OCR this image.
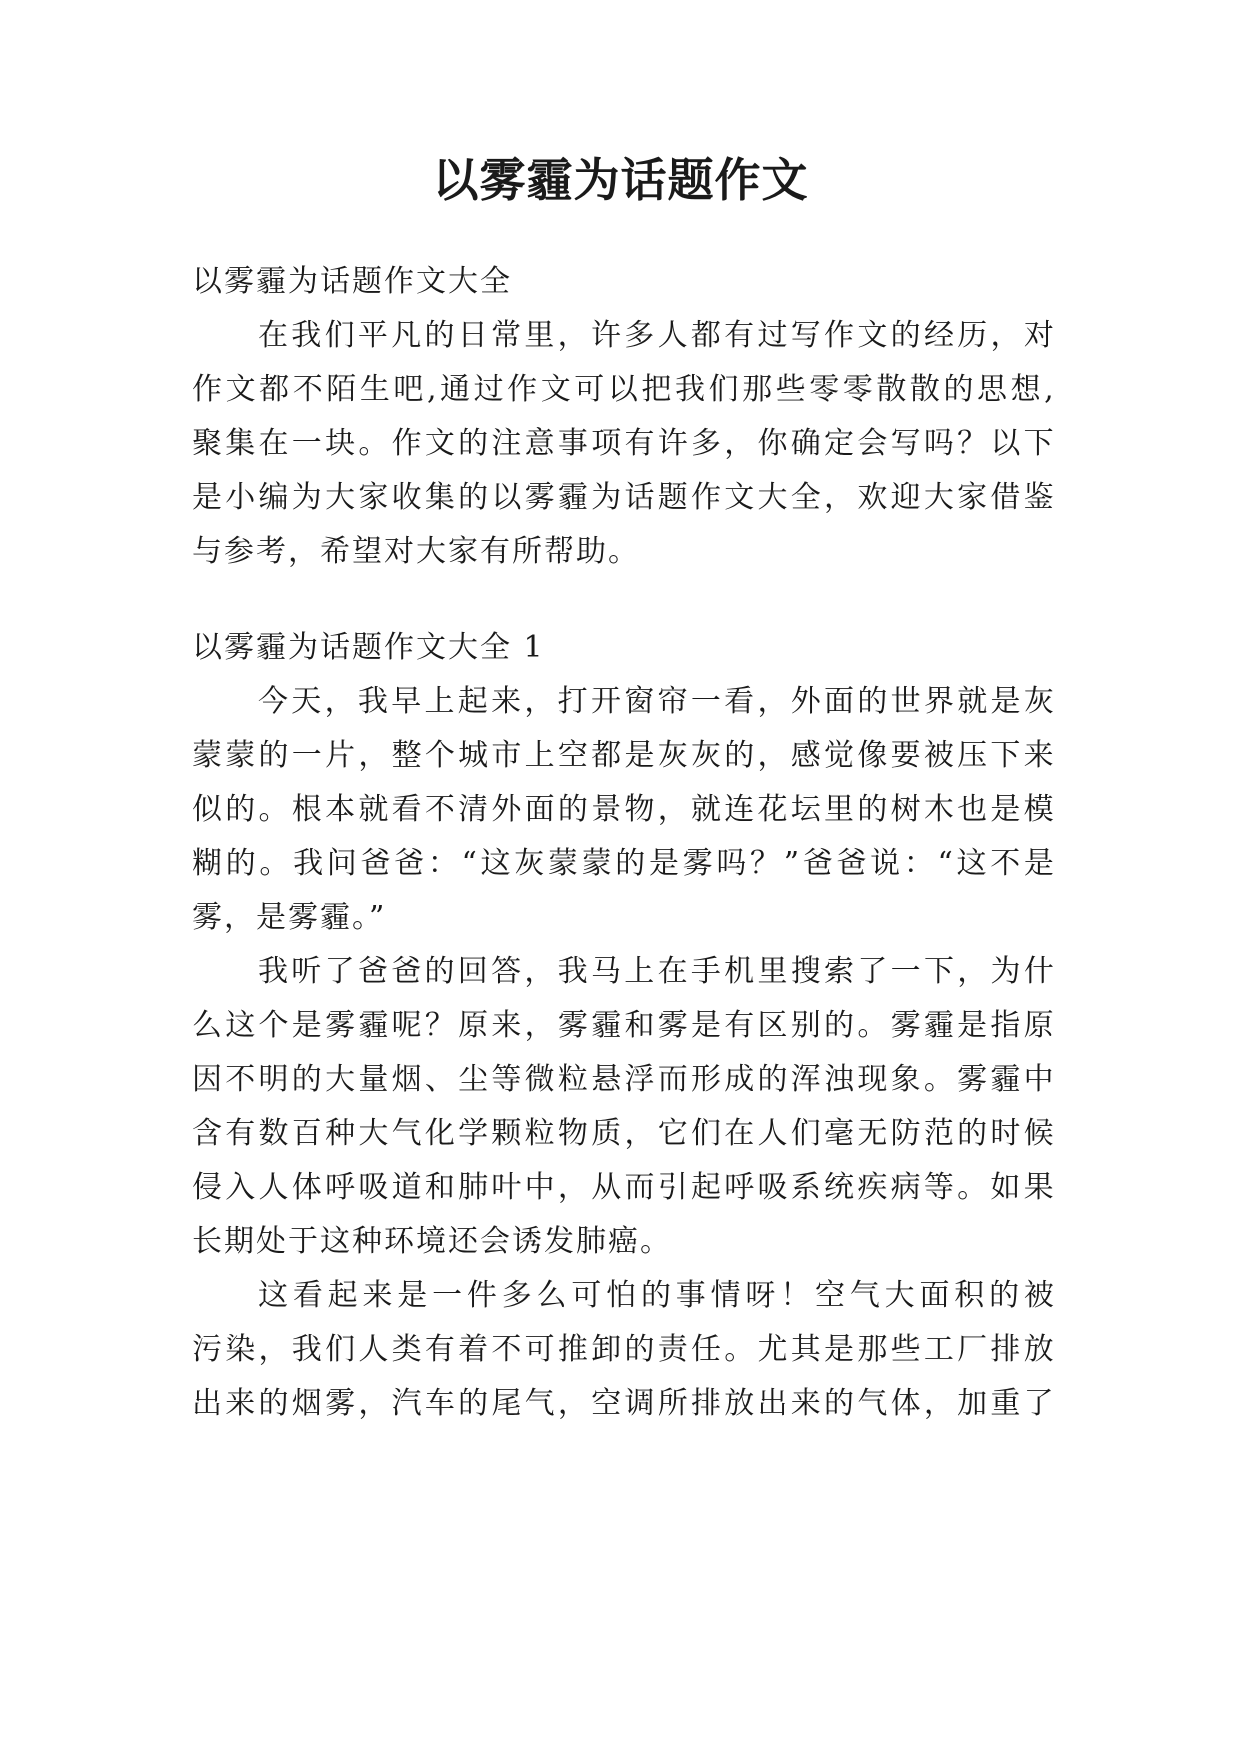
以雾霾为话题作文
以雾霾为话题作文大全
在 我 们 平 凡 的 日 常 里 ， 许 多 人 都 有 过 写 作 文 的 经 历 ， 对
作 文 都 不 陌 生 吧 , 通 过 作 文 可 以 把 我 们 那 些 零 零 散 散 的 思 想 ,
聚 集 在 一 块 。 作 文 的 注 意 事 项 有 许 多 ， 你 确 定 会 写 吗 ？ 以 下
是 小 编 为 大 家 收 集 的 以 雾 霾 为 话 题 作 文 大 全 ， 欢 迎 大 家 借 鉴
与参考，希望对大家有所帮助。
以雾霾为话题作文大全 1
今 天 ， 我 早 上 起 来 ， 打 开 窗 帘 一 看 ， 外 面 的 世 界 就 是 灰
蒙 蒙 的 一 片 ， 整 个 城 市 上 空 都 是 灰 灰 的 ， 感 觉 像 要 被 压 下 来
似 的 。 根 本 就 看 不 清 外 面 的 景 物 ， 就 连 花 坛 里 的 树 木 也 是 模
糊 的 。 我 问 爸 爸 ： “ 这 灰 蒙 蒙 的 是 雾 吗 ？ ” 爸 爸 说 ： “ 这 不 是
雾，是雾霾。”
我 听 了 爸 爸 的 回 答 ， 我 马 上 在 手 机 里 搜 索 了 一 下 ， 为 什
么 这 个 是 雾 霾 呢 ？ 原 来 ， 雾 霾 和 雾 是 有 区 别 的 。 雾 霾 是 指 原
因 不 明 的 大 量 烟 、 尘 等 微 粒 悬 浮 而 形 成 的 浑 浊 现 象 。 雾 霾 中
含 有 数 百 种 大 气 化 学 颗 粒 物 质 ， 它 们 在 人 们 毫 无 防 范 的 时 候
侵 入 人 体 呼 吸 道 和 肺 叶 中 ， 从 而 引 起 呼 吸 系 统 疾 病 等 。 如 果
长期处于这种环境还会诱发肺癌。
这 看 起 来 是 一 件 多 么 可 怕 的 事 情 呀 ！ 空 气 大 面 积 的 被
污 染 ， 我 们 人 类 有 着 不 可 推 卸 的 责 任 。 尤 其 是 那 些 工 厂 排 放
出 来 的 烟 雾 ， 汽 车 的 尾 气 ， 空 调 所 排 放 出 来 的 气 体 ， 加 重 了
